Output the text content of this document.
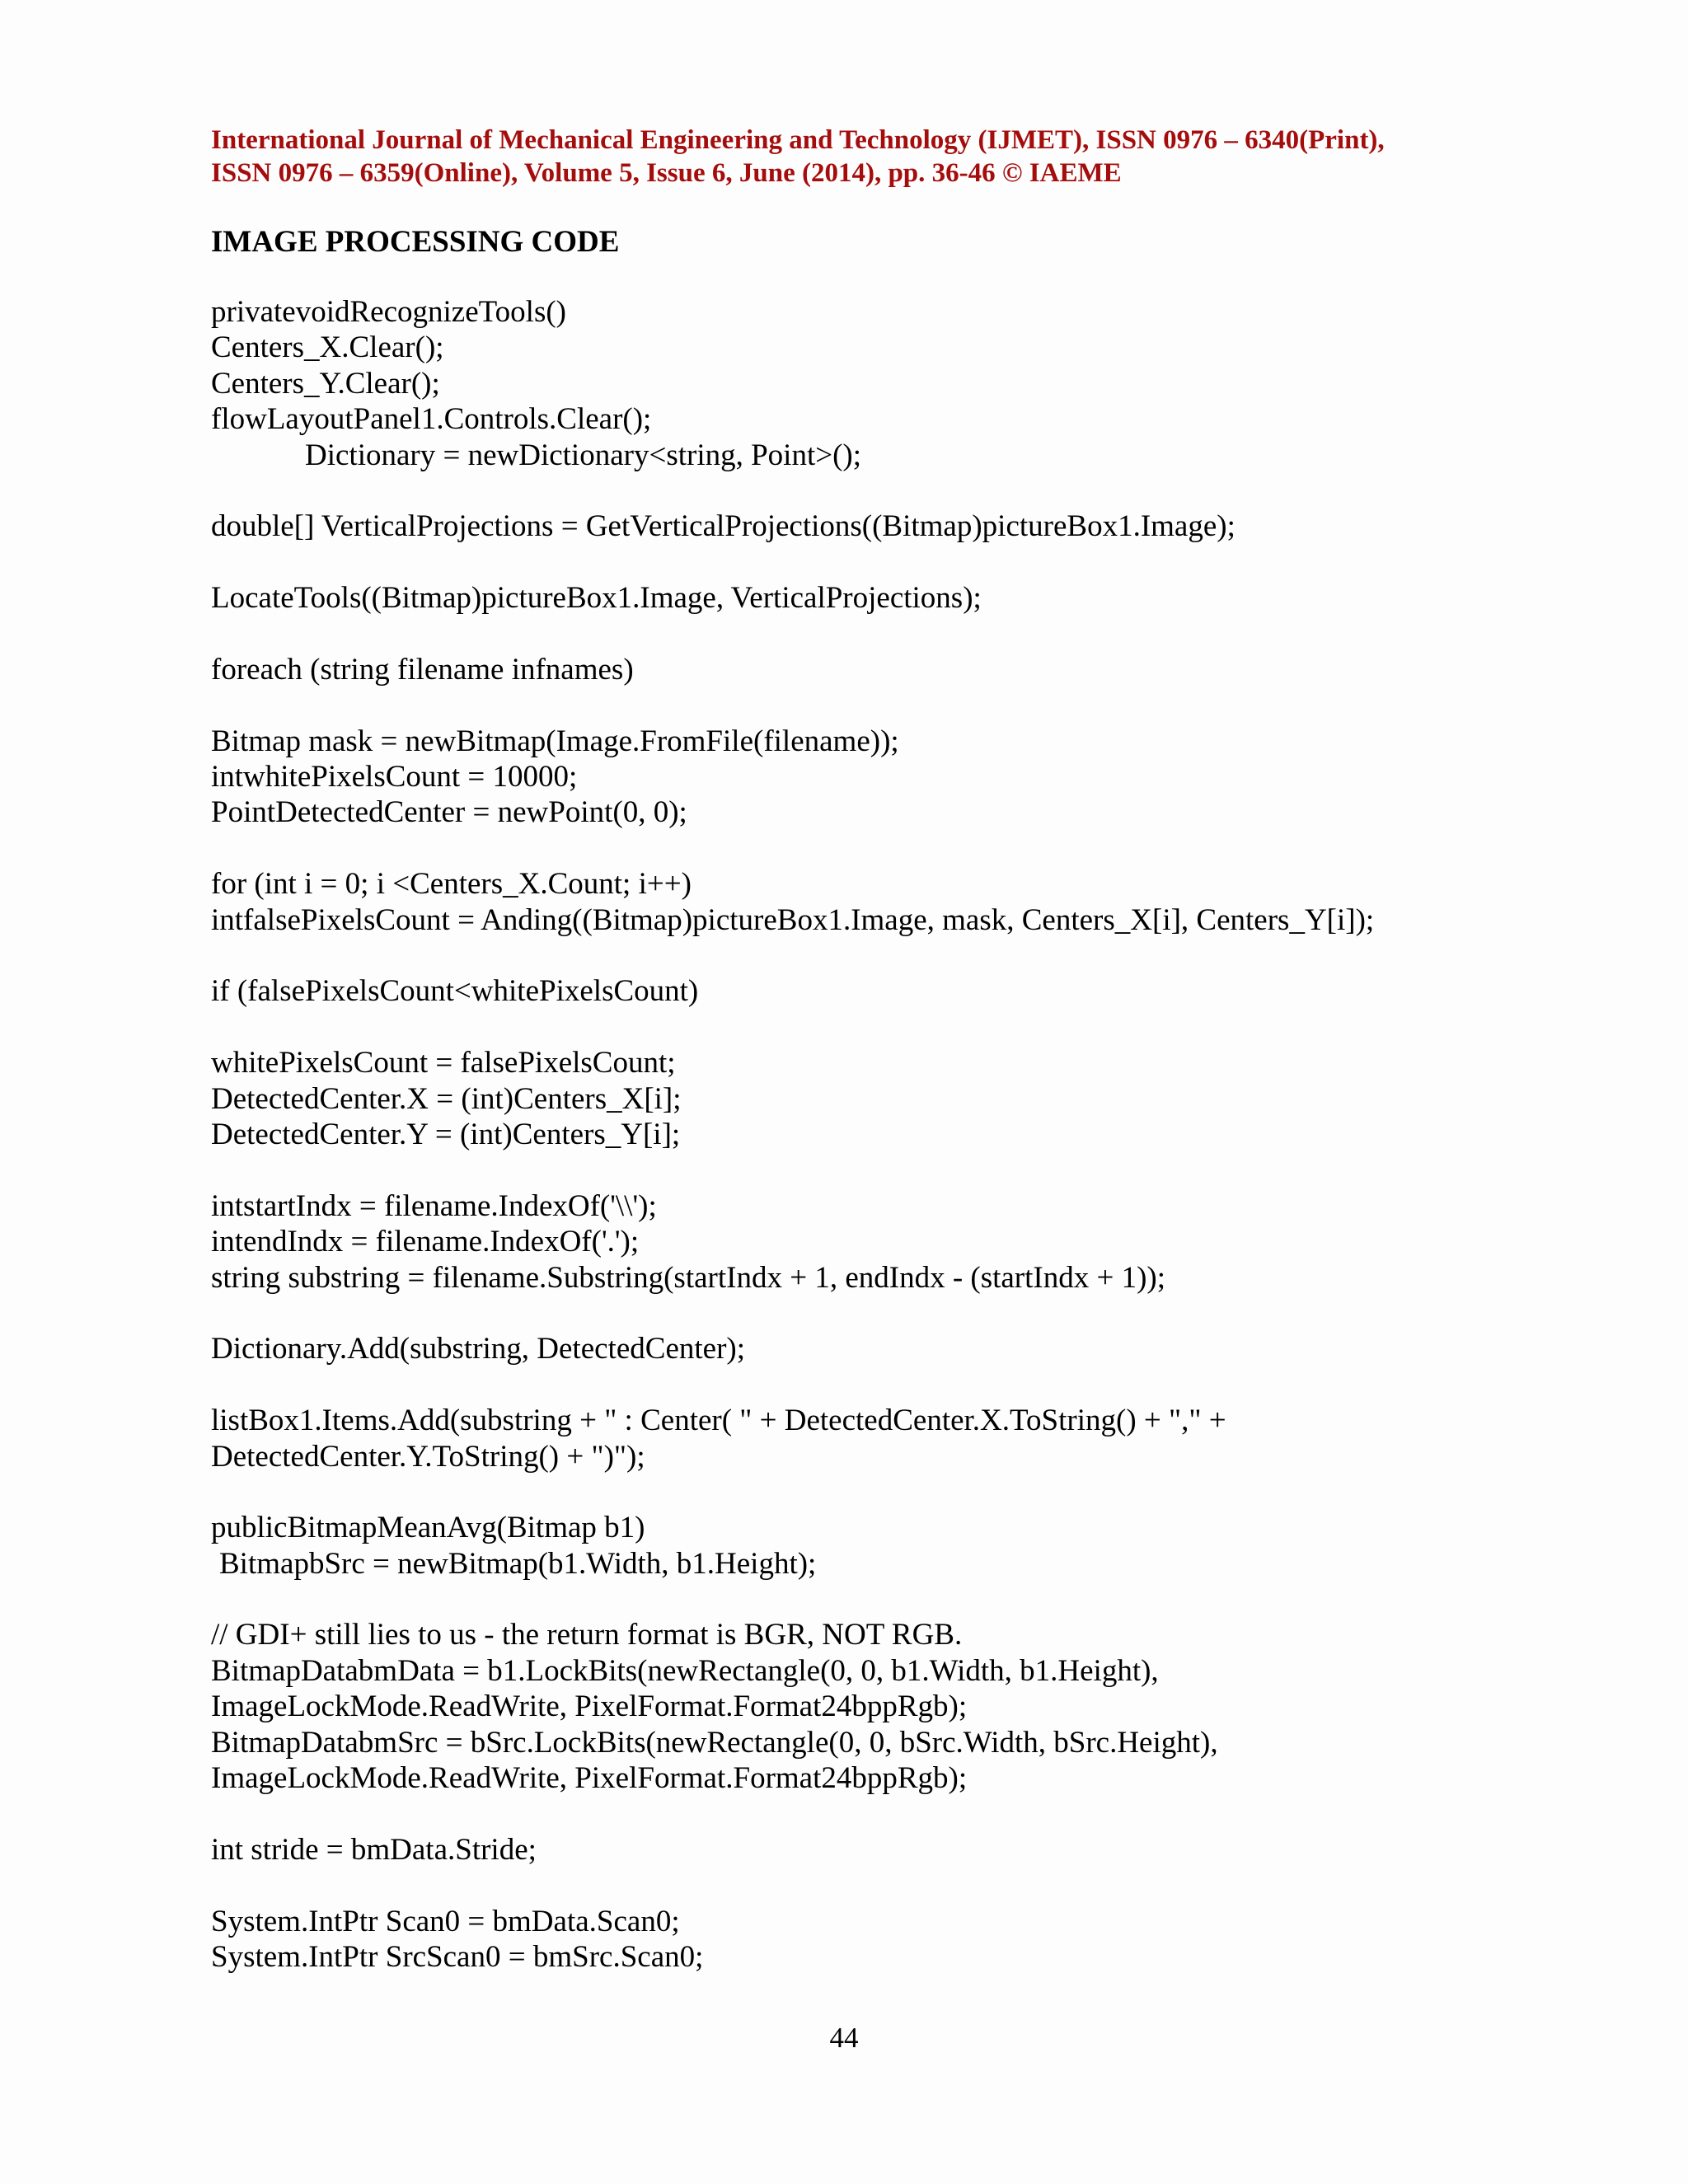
International Journal of Mechanical Engineering and Technology (IJMET), ISSN 0976 – 6340(Print),
ISSN 0976 – 6359(Online), Volume 5, Issue 6, June (2014), pp. 36-46 © IAEME
IMAGE PROCESSING CODE
privatevoidRecognizeTools()
Centers_X.Clear();
Centers_Y.Clear();
flowLayoutPanel1.Controls.Clear();
Dictionary = newDictionary<string, Point>();
double[] VerticalProjections = GetVerticalProjections((Bitmap)pictureBox1.Image);
LocateTools((Bitmap)pictureBox1.Image, VerticalProjections);
foreach (string filename infnames)
Bitmap mask = newBitmap(Image.FromFile(filename));
intwhitePixelsCount = 10000;
PointDetectedCenter = newPoint(0, 0);
for (int i = 0; i <Centers_X.Count; i++)
intfalsePixelsCount = Anding((Bitmap)pictureBox1.Image, mask, Centers_X[i], Centers_Y[i]);
if (falsePixelsCount<whitePixelsCount)
whitePixelsCount = falsePixelsCount;
DetectedCenter.X = (int)Centers_X[i];
DetectedCenter.Y = (int)Centers_Y[i];
intstartIndx = filename.IndexOf('\\');
intendIndx = filename.IndexOf('.');
string substring = filename.Substring(startIndx + 1, endIndx - (startIndx + 1));
Dictionary.Add(substring, DetectedCenter);
listBox1.Items.Add(substring + " : Center( " + DetectedCenter.X.ToString() + "," +
DetectedCenter.Y.ToString() + ")");
publicBitmapMeanAvg(Bitmap b1)
BitmapbSrc = newBitmap(b1.Width, b1.Height);
// GDI+ still lies to us - the return format is BGR, NOT RGB.
BitmapDatabmData = b1.LockBits(newRectangle(0, 0, b1.Width, b1.Height),
ImageLockMode.ReadWrite, PixelFormat.Format24bppRgb);
BitmapDatabmSrc = bSrc.LockBits(newRectangle(0, 0, bSrc.Width, bSrc.Height),
ImageLockMode.ReadWrite, PixelFormat.Format24bppRgb);
int stride = bmData.Stride;
System.IntPtr Scan0 = bmData.Scan0;
System.IntPtr SrcScan0 = bmSrc.Scan0;
44
